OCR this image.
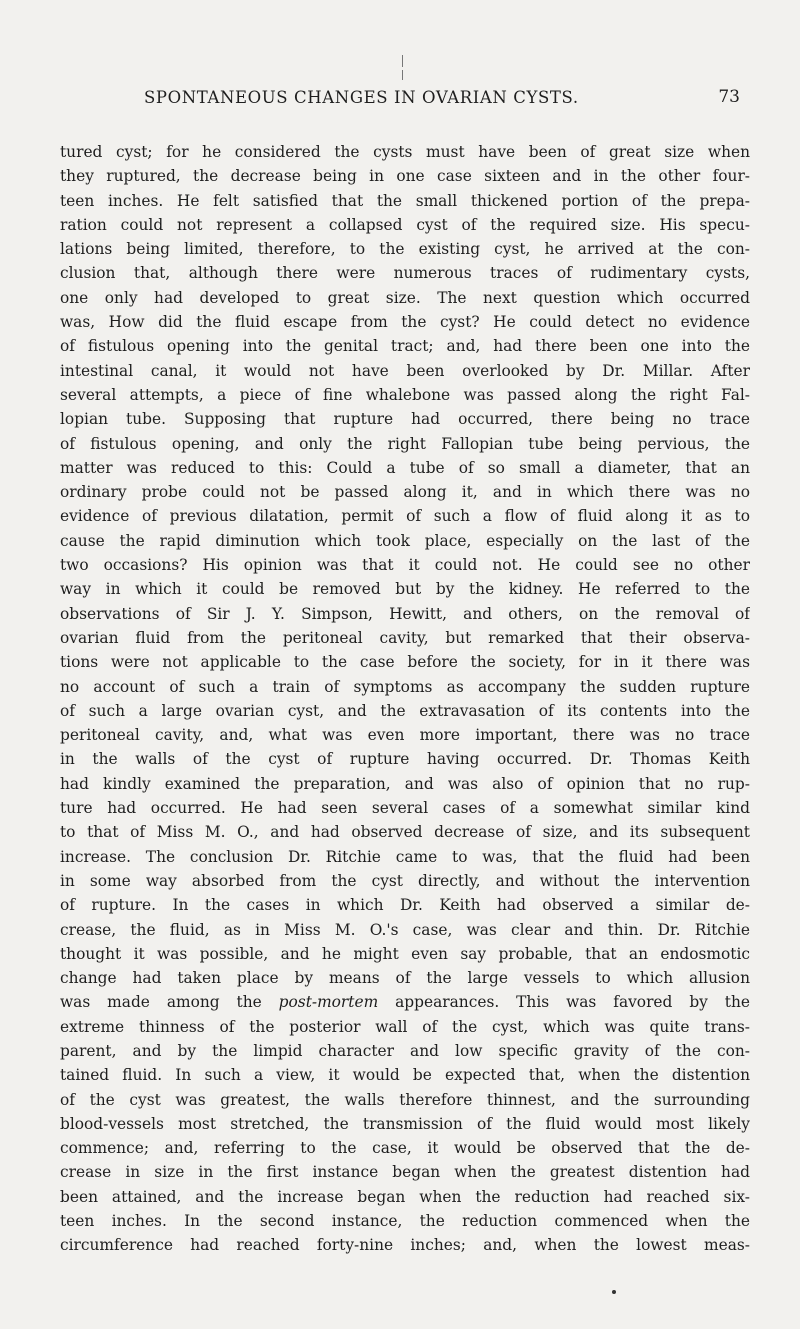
SPONTANEOUS CHANGES IN OVARIAN CYSTS.	73
tured cyst; for he considered the cysts must have been of great size when
they ruptured, the decrease being in one case sixteen and in the other four-
teen inches. He felt satisfied that the small thickened portion of the prepa-
ration could not represent a collapsed cyst of the required size. His specu-
lations being limited, therefore, to the existing cyst, he arrived at the con-
clusion that, although there were numerous traces of rudimentary cysts,
one only had developed to great size. The next question which occurred
was, How did the fluid escape from the cyst? He could detect no evidence
of fistulous opening into the genital tract; and, had there been one into the
intestinal canal, it would not have been overlooked by Dr. Millar. After
several attempts, a piece of fine whalebone was passed along the right Fal-
lopian tube. Supposing that rupture had occurred, there being no trace
of fistulous opening, and only the right Fallopian tube being pervious, the
matter was reduced to this: Could a tube of so small a diameter, that an
ordinary probe could not be passed along it, and in which there was no
evidence of previous dilatation, permit of such a flow of fluid along it as to
cause the rapid diminution which took place, especially on the last of the
two occasions? His opinion was that it could not. He could see no other
way in which it could be removed but by the kidney. He referred to the
observations of Sir J. Y. Simpson, Hewitt, and others, on the removal of
ovarian fluid from the peritoneal cavity, but remarked that their observa-
tions were not applicable to the case before the society, for in it there was
no account of such a train of symptoms as accompany the sudden rupture
of such a large ovarian cyst, and the extravasation of its contents into the
peritoneal cavity, and, what was even more important, there was no trace
in the walls of the cyst of rupture having occurred. Dr. Thomas Keith
had kindly examined the preparation, and was also of opinion that no rup-
ture had occurred. He had seen several cases of a somewhat similar kind
to that of Miss M. O., and had observed decrease of size, and its subsequent
increase. The conclusion Dr. Ritchie came to was, that the fluid had been
in some way absorbed from the cyst directly, and without the intervention
of rupture. In the cases in which Dr. Keith had observed a similar de-
crease, the fluid, as in Miss M. O.'s case, was clear and thin. Dr. Ritchie
thought it was possible, and he might even say probable, that an endosmotic
change had taken place by means of the large vessels to which allusion
was made among the post-mortem appearances. This was favored by the
extreme thinness of the posterior wall of the cyst, which was quite trans-
parent, and by the limpid character and low specific gravity of the con-
tained fluid. In such a view, it would be expected that, when the distention
of the cyst was greatest, the walls therefore thinnest, and the surrounding
blood-vessels most stretched, the transmission of the fluid would most likely
commence; and, referring to the case, it would be observed that the de-
crease in size in the first instance began when the greatest distention had
been attained, and the increase began when the reduction had reached six-
teen inches. In the second instance, the reduction commenced when the
circumference had reached forty-nine inches; and, when the lowest meas-
